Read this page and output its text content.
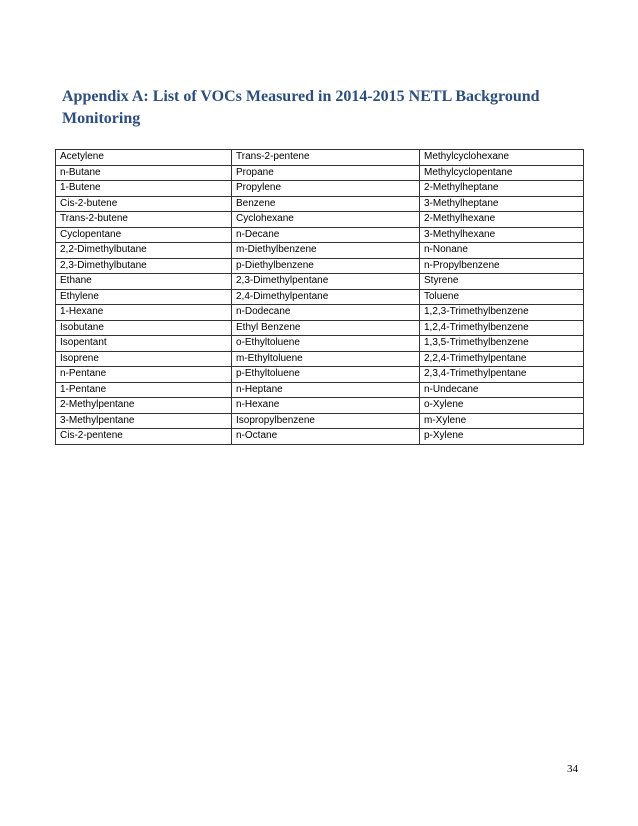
Appendix A: List of VOCs Measured in 2014-2015 NETL Background Monitoring
Acetylene	Trans-2-pentene	Methylcyclohexane
n-Butane	Propane	Methylcyclopentane
1-Butene	Propylene	2-Methylheptane
Cis-2-butene	Benzene	3-Methylheptane
Trans-2-butene	Cyclohexane	2-Methylhexane
Cyclopentane	n-Decane	3-Methylhexane
2,2-Dimethylbutane	m-Diethylbenzene	n-Nonane
2,3-Dimethylbutane	p-Diethylbenzene	n-Propylbenzene
Ethane	2,3-Dimethylpentane	Styrene
Ethylene	2,4-Dimethylpentane	Toluene
1-Hexane	n-Dodecane	1,2,3-Trimethylbenzene
Isobutane	Ethyl Benzene	1,2,4-Trimethylbenzene
Isopentant	o-Ethyltoluene	1,3,5-Trimethylbenzene
Isoprene	m-Ethyltoluene	2,2,4-Trimethylpentane
n-Pentane	p-Ethyltoluene	2,3,4-Trimethylpentane
1-Pentane	n-Heptane	n-Undecane
2-Methylpentane	n-Hexane	o-Xylene
3-Methylpentane	Isopropylbenzene	m-Xylene
Cis-2-pentene	n-Octane	p-Xylene
34
